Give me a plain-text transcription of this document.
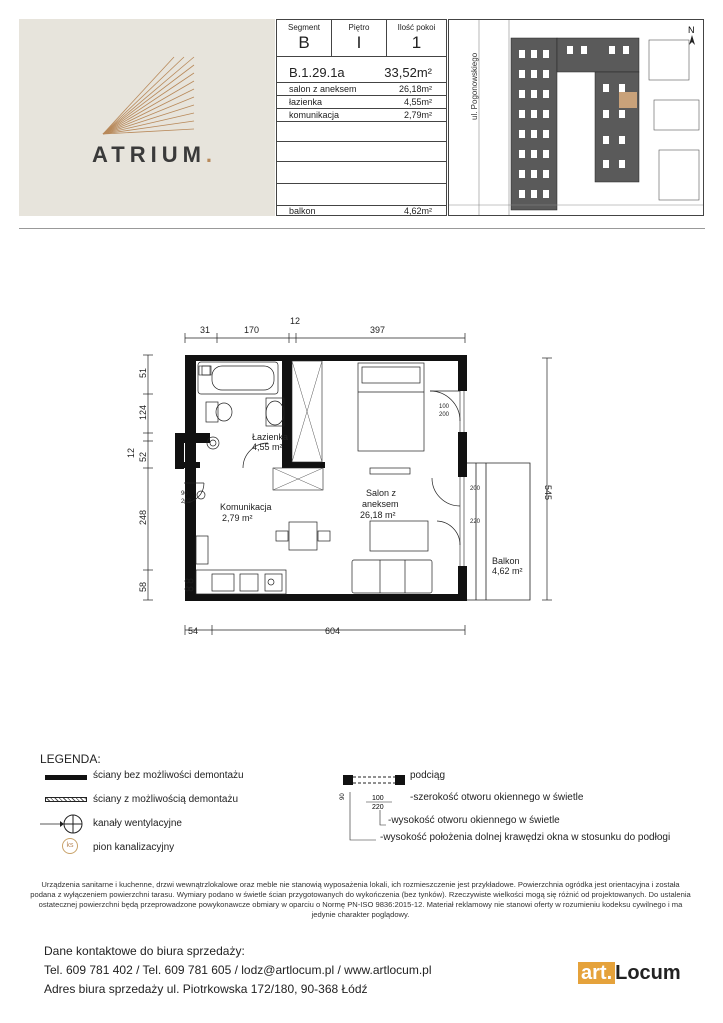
ATRIUM.
Segment
B
Piętro
I
Ilość pokoi
1
B.1.29.1a	33,52m²
salon z aneksem	26,18m²
łazienka	4,55m²
komunikacja	2,79m²
balkon	4,62m²
ul. Pogonowskiego
N
31	170
12
397
51
124
12 52
248
58
54	604
545
Łazienka
4,55 m²
Komunikacja
2,79 m²
Salon z
aneksem
26,18 m²
Balkon
4,62 m²
100
200
200
220
90
202
LEGENDA:
ściany bez możliwości demontażu
ściany z możliwością demontażu
kanały wentylacyjne
ks	pion kanalizacyjny
podciąg
90	100
220
-szerokość otworu okiennego w świetle
-wysokość otworu okiennego w świetle
-wysokość położenia dolnej krawędzi okna w stosunku do podłogi
Urządzenia sanitarne i kuchenne, drzwi wewnątrzlokalowe oraz meble nie stanowią wyposażenia lokali, ich rozmieszczenie jest przykładowe. Powierzchnia ogródka jest orientacyjna i została podana z wyłączeniem powierzchni tarasu. Wymiary podano w świetle ścian przygotowanych do wykończenia (bez tynków). Rzeczywiste wielkości mogą się różnić od projektowanych. Do ustalenia ostatecznej powierzchni będą przeprowadzone powykonawcze obmiary w oparciu o Normę PN-ISO 9836:2015-12. Materiał reklamowy nie stanowi oferty w rozumieniu kodeksu cywilnego i ma jedynie charakter poglądowy.
Dane kontaktowe do biura sprzedaży:
Tel. 609 781 402 / Tel. 609 781 605 / lodz@artlocum.pl / www.artlocum.pl
Adres biura sprzedaży ul. Piotrkowska 172/180, 90-368 Łódź
art. Locum
